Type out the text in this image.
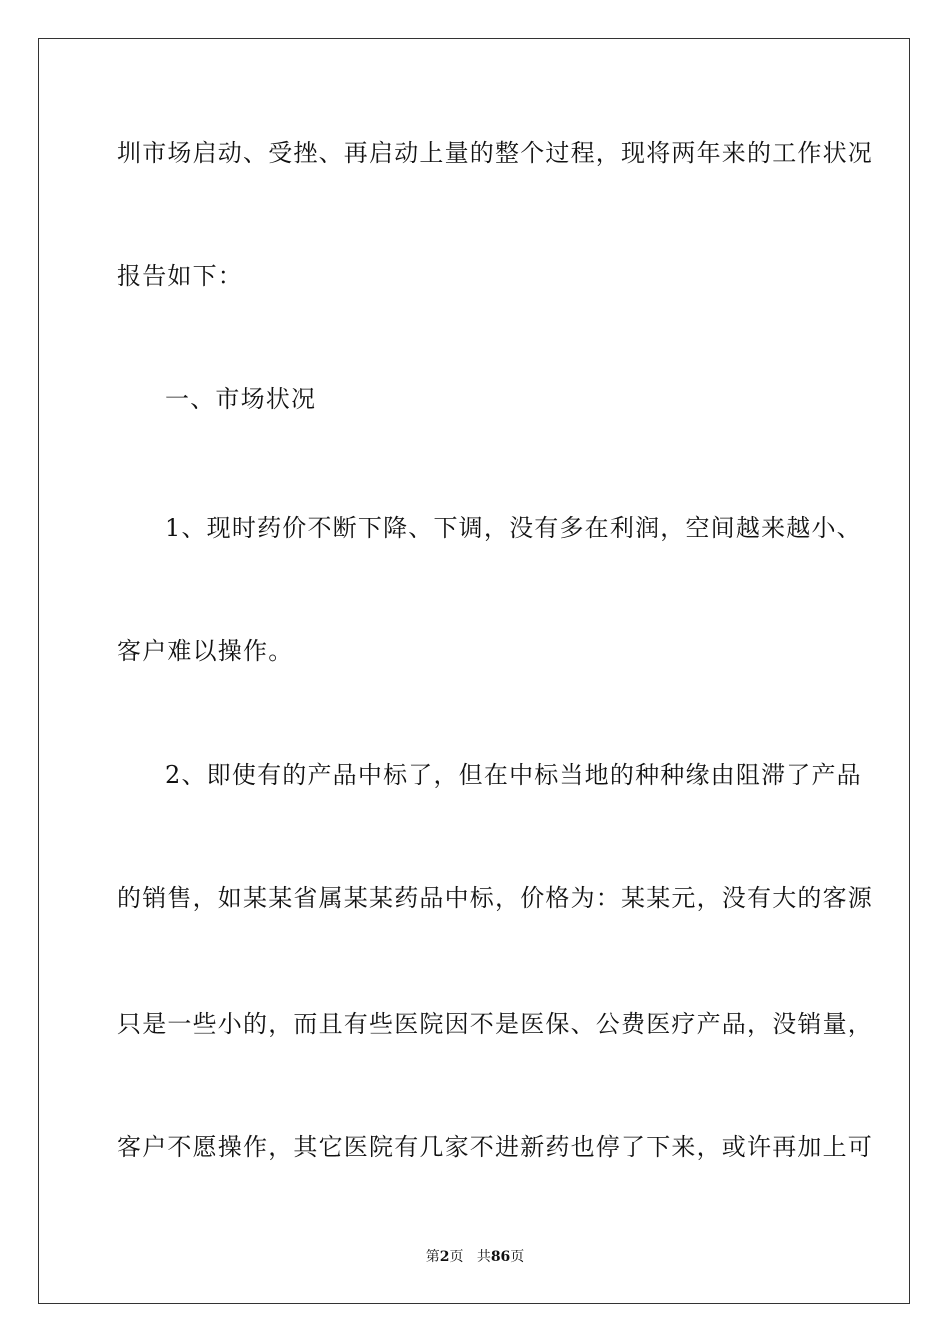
圳市场启动、受挫、再启动上量的整个过程，现将两年来的工作状况
报告如下：
一、市场状况
1、现时药价不断下降、下调，没有多在利润，空间越来越小、
客户难以操作。
2、即使有的产品中标了，但在中标当地的种种缘由阻滞了产品
的销售，如某某省属某某药品中标，价格为：某某元，没有大的客源
只是一些小的，而且有些医院因不是医保、公费医疗产品，没销量，
客户不愿操作，其它医院有几家不进新药也停了下来，或许再加上可
第2页 共86页
